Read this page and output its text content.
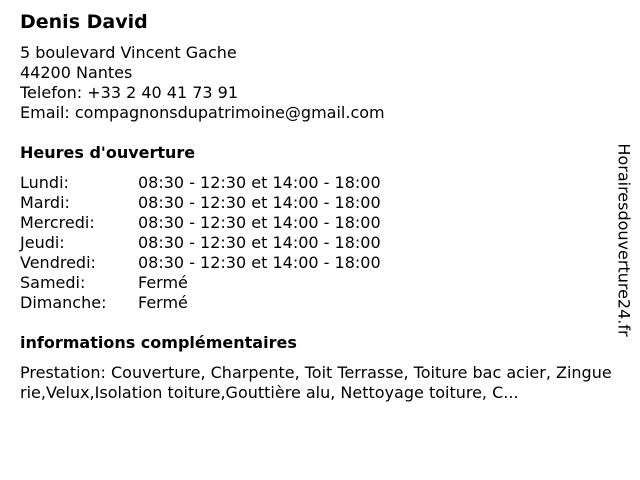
Denis David
5 boulevard Vincent Gache
44200 Nantes
Telefon: +33 2 40 41 73 91
Email: compagnonsdupatrimoine@gmail.com
Heures d'ouverture
Lundi:	08:30 - 12:30 et 14:00 - 18:00
Mardi:	08:30 - 12:30 et 14:00 - 18:00
Mercredi:	08:30 - 12:30 et 14:00 - 18:00
Jeudi:	08:30 - 12:30 et 14:00 - 18:00
Vendredi:	08:30 - 12:30 et 14:00 - 18:00
Samedi:	Fermé
Dimanche:	Fermé
informations complémentaires
Prestation: Couverture, Charpente, Toit Terrasse, Toiture bac acier, Zinguerie,Velux,Isolation toiture,Gouttière alu, Nettoyage toiture, C...
Horairesdouverture24.fr
